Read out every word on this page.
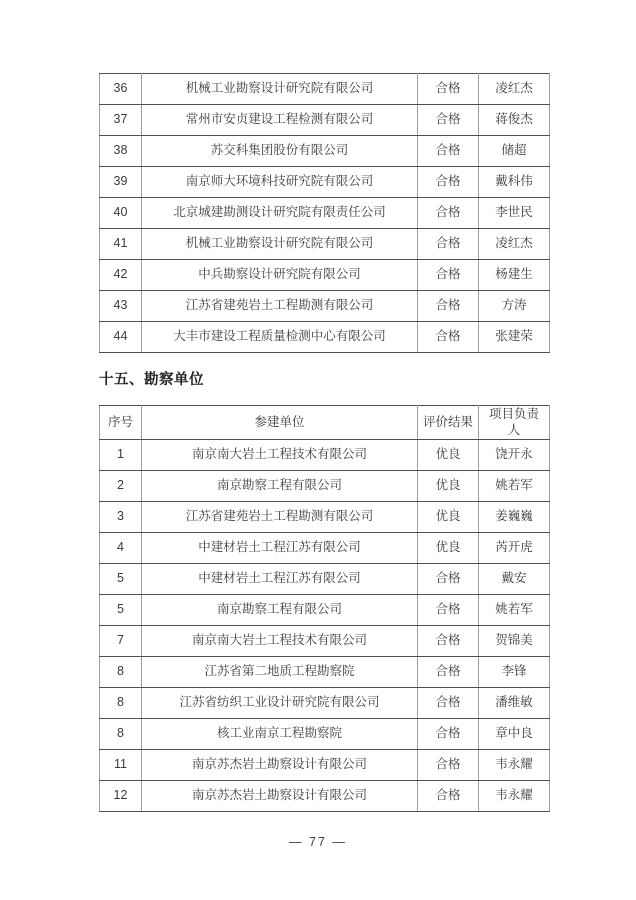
36	机械工业勘察设计研究院有限公司	合格	凌红杰
37	常州市安贞建设工程检测有限公司	合格	蒋俊杰
38	苏交科集团股份有限公司	合格	储超
39	南京师大环境科技研究院有限公司	合格	戴科伟
40	北京城建勘测设计研究院有限责任公司	合格	李世民
41	机械工业勘察设计研究院有限公司	合格	凌红杰
42	中兵勘察设计研究院有限公司	合格	杨建生
43	江苏省建苑岩土工程勘测有限公司	合格	方涛
44	大丰市建设工程质量检测中心有限公司	合格	张建荣
十五、勘察单位
序号	参建单位	评价结果	项目负责人
1	南京南大岩土工程技术有限公司	优良	饶开永
2	南京勘察工程有限公司	优良	姚若军
3	江苏省建苑岩土工程勘测有限公司	优良	姜巍巍
4	中建材岩土工程江苏有限公司	优良	芮开虎
5	中建材岩土工程江苏有限公司	合格	戴安
5	南京勘察工程有限公司	合格	姚若军
7	南京南大岩土工程技术有限公司	合格	贺锦美
8	江苏省第二地质工程勘察院	合格	李锋
8	江苏省纺织工业设计研究院有限公司	合格	潘维敏
8	核工业南京工程勘察院	合格	章中良
11	南京苏杰岩土勘察设计有限公司	合格	韦永耀
12	南京苏杰岩土勘察设计有限公司	合格	韦永耀
— 77 —
